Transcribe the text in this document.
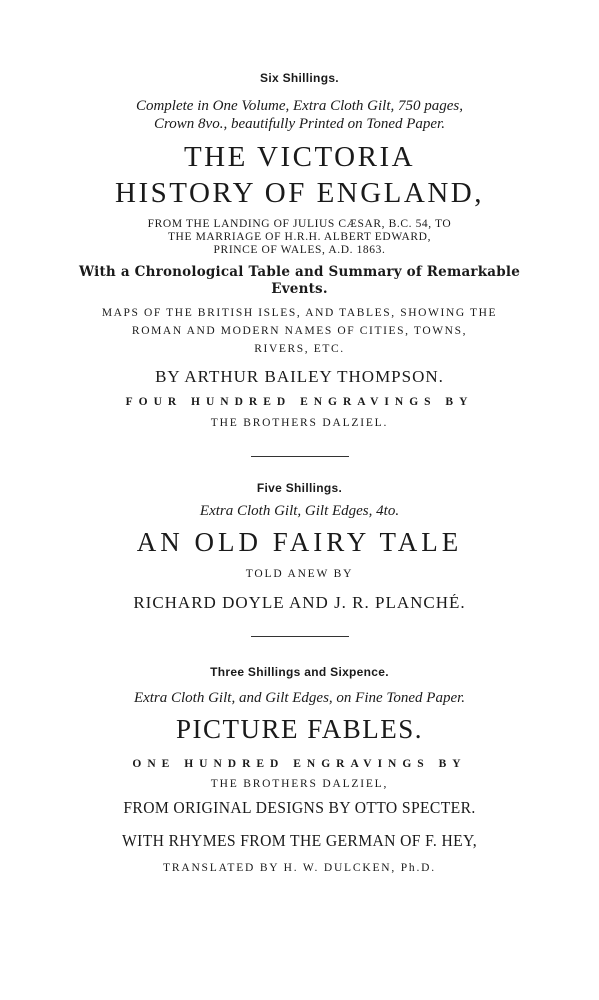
Six Shillings.
Complete in One Volume, Extra Cloth Gilt, 750 pages,
Crown 8vo., beautifully Printed on Toned Paper.
THE VICTORIA
HISTORY OF ENGLAND,
FROM THE LANDING OF JULIUS CÆSAR, B.C. 54, TO
THE MARRIAGE OF H.R.H. ALBERT EDWARD,
PRINCE OF WALES, A.D. 1863.
With a Chronological Table and Summary of Remarkable
Events.
MAPS OF THE BRITISH ISLES, AND TABLES, SHOWING THE
ROMAN AND MODERN NAMES OF CITIES, TOWNS,
RIVERS, ETC.
BY ARTHUR BAILEY THOMPSON.
FOUR HUNDRED ENGRAVINGS BY
THE BROTHERS DALZIEL.
Five Shillings.
Extra Cloth Gilt, Gilt Edges, 4to.
AN OLD FAIRY TALE
TOLD ANEW BY
RICHARD DOYLE AND J. R. PLANCHÉ.
Three Shillings and Sixpence.
Extra Cloth Gilt, and Gilt Edges, on Fine Toned Paper.
PICTURE FABLES.
ONE HUNDRED ENGRAVINGS BY
THE BROTHERS DALZIEL,
FROM ORIGINAL DESIGNS BY OTTO SPECTER.
WITH RHYMES FROM THE GERMAN OF F. HEY,
TRANSLATED BY H. W. DULCKEN, Ph.D.
